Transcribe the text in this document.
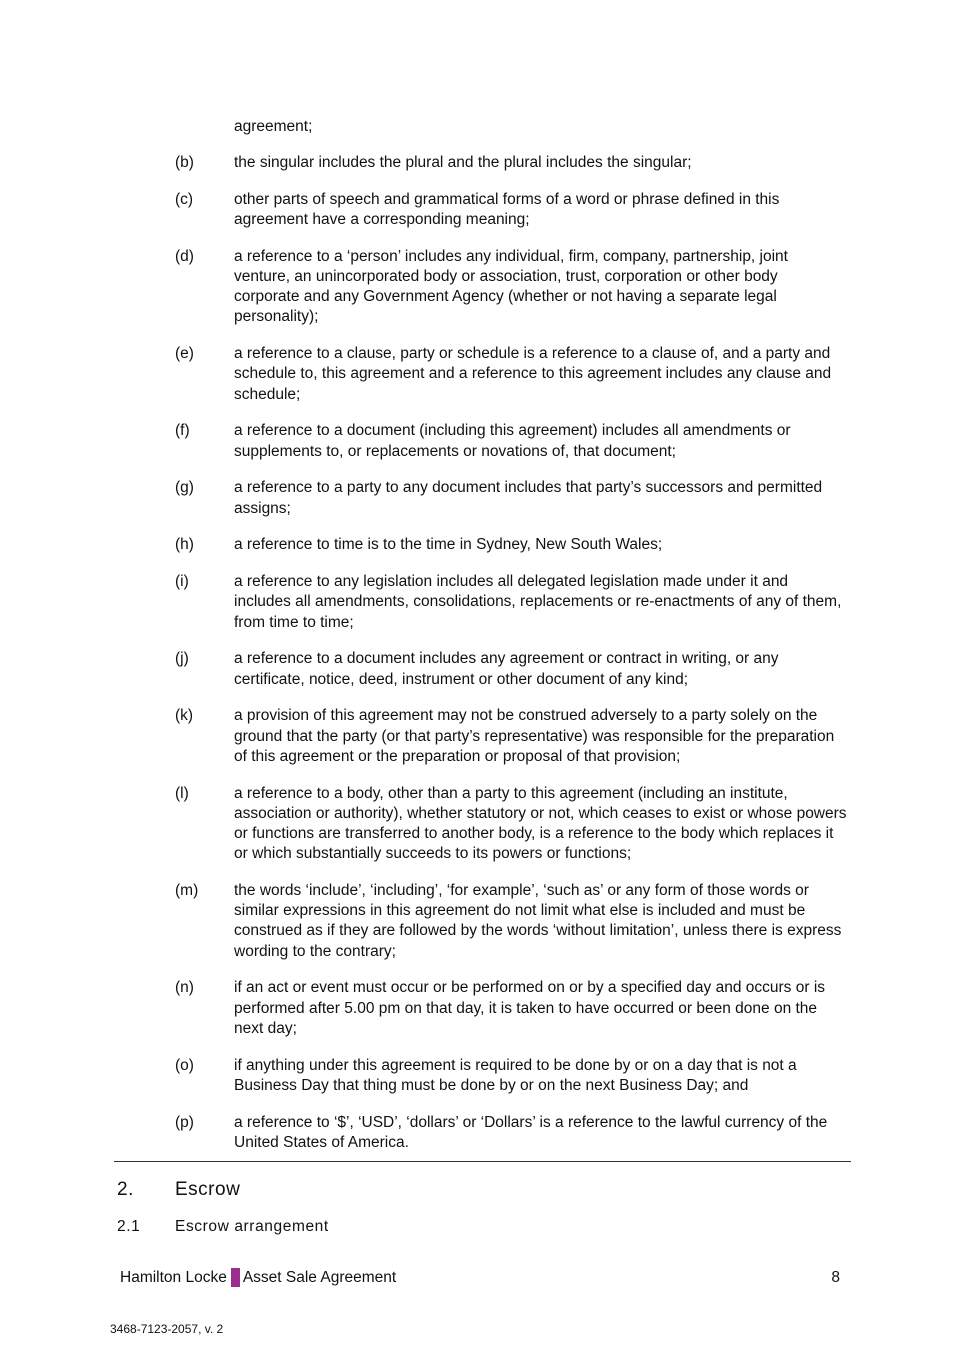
agreement;

(b)	the singular includes the plural and the plural includes the singular;
(c)	other parts of speech and grammatical forms of a word or phrase defined in this agreement have a corresponding meaning;
(d)	a reference to a ‘person’ includes any individual, firm, company, partnership, joint venture, an unincorporated body or association, trust, corporation or other body corporate and any Government Agency (whether or not having a separate legal personality);
(e)	a reference to a clause, party or schedule is a reference to a clause of, and a party and schedule to, this agreement and a reference to this agreement includes any clause and schedule;
(f)	a reference to a document (including this agreement) includes all amendments or supplements to, or replacements or novations of, that document;
(g)	a reference to a party to any document includes that party’s successors and permitted assigns;
(h)	a reference to time is to the time in Sydney, New South Wales;
(i)	a reference to any legislation includes all delegated legislation made under it and includes all amendments, consolidations, replacements or re-enactments of any of them, from time to time;
(j)	a reference to a document includes any agreement or contract in writing, or any certificate, notice, deed, instrument or other document of any kind;
(k)	a provision of this agreement may not be construed adversely to a party solely on the ground that the party (or that party’s representative) was responsible for the preparation of this agreement or the preparation or proposal of that provision;
(l)	a reference to a body, other than a party to this agreement (including an institute, association or authority), whether statutory or not, which ceases to exist or whose powers or functions are transferred to another body, is a reference to the body which replaces it or which substantially succeeds to its powers or functions;
(m)	the words ‘include’, ‘including’, ‘for example’, ‘such as’ or any form of those words or similar expressions in this agreement do not limit what else is included and must be construed as if they are followed by the words ‘without limitation’, unless there is express wording to the contrary;
(n)	if an act or event must occur or be performed on or by a specified day and occurs or is performed after 5.00 pm on that day, it is taken to have occurred or been done on the next day;
(o)	if anything under this agreement is required to be done by or on a day that is not a Business Day that thing must be done by or on the next Business Day; and
(p)	a reference to ‘$’, ‘USD’, ‘dollars’ or ‘Dollars’ is a reference to the lawful currency of the United States of America.
2. Escrow
2.1 Escrow arrangement
Hamilton Locke Asset Sale Agreement	8
3468-7123-2057, v. 2
